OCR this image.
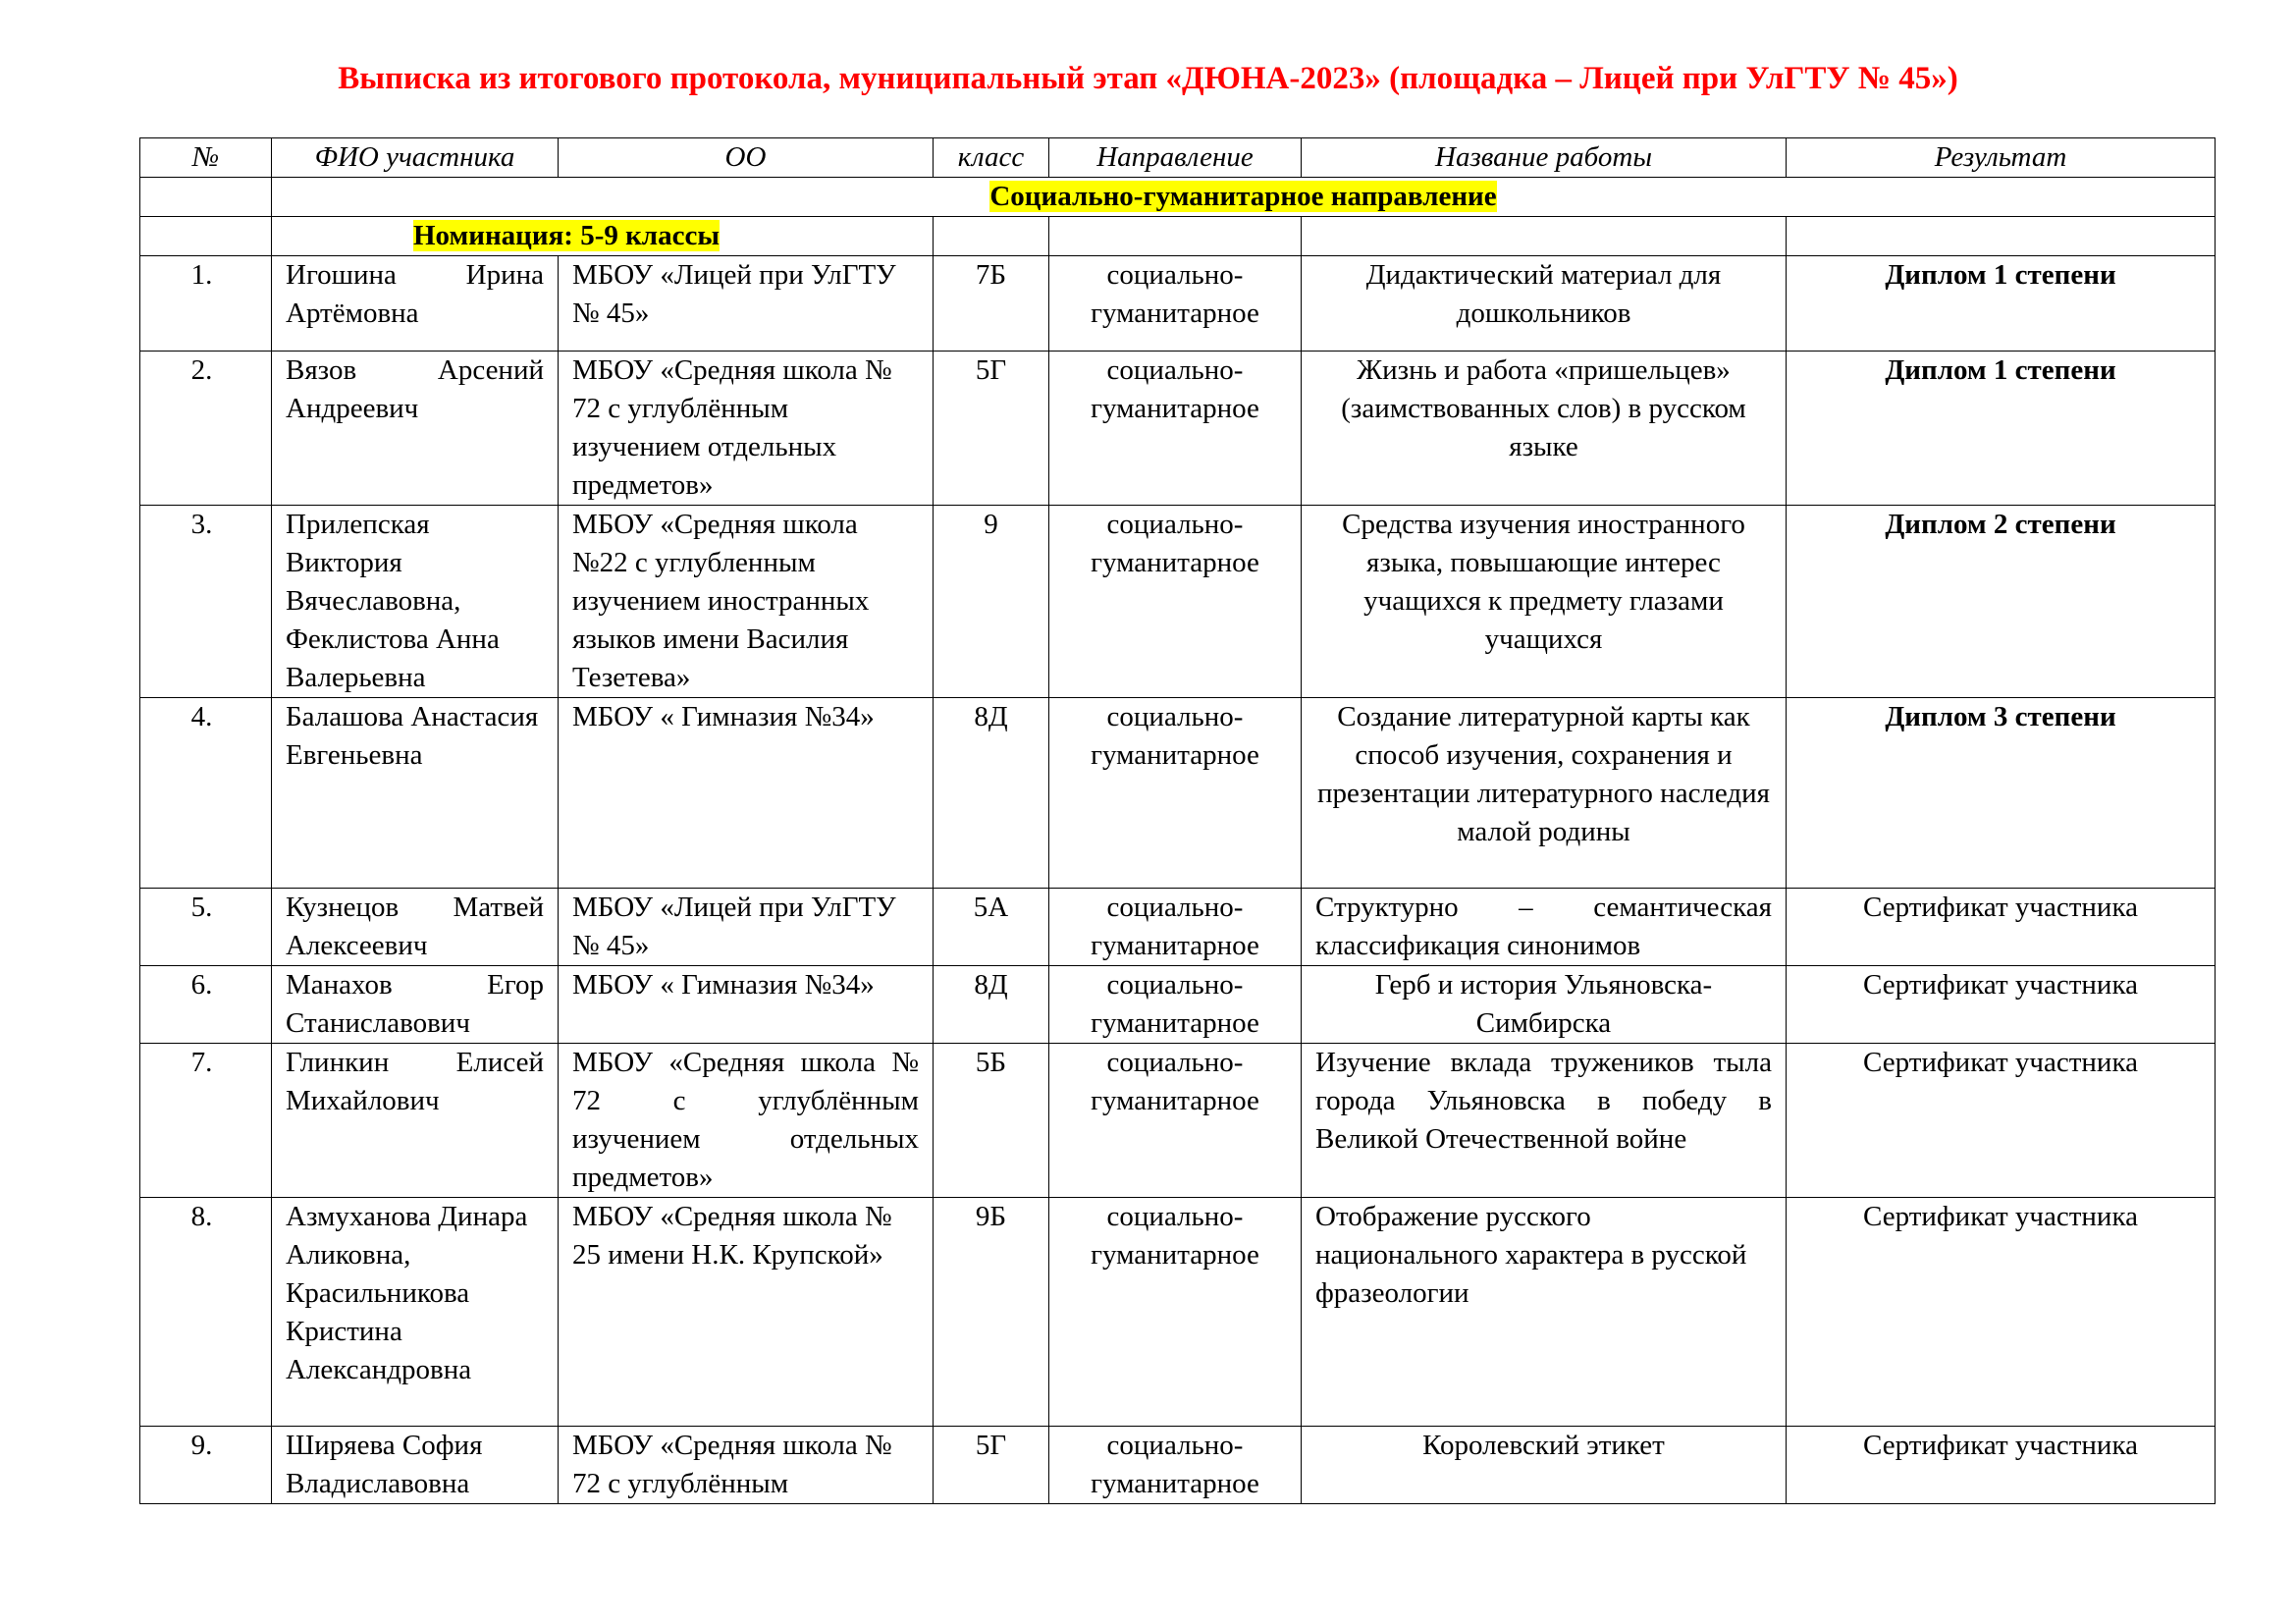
Выписка из итогового протокола, муниципальный этап «ДЮНА-2023» (площадка – Лицей при УлГТУ № 45»)
№	ФИО участника	ОО	класс	Направление	Название работы	Результат
	Социально-гуманитарное направление					
	Номинация: 5-9 классы					
1.	Игошина Ирина Артёмовна	МБОУ «Лицей при УлГТУ № 45»	7Б	социально-гуманитарное	Дидактический материал для дошкольников	Диплом 1 степени
2.	Вязов Арсений Андреевич	МБОУ «Средняя школа № 72 с углублённым изучением отдельных предметов»	5Г	социально-гуманитарное	Жизнь и работа «пришельцев» (заимствованных слов) в русском языке	Диплом 1 степени
3.	Прилепская Виктория Вячеславовна, Феклистова Анна Валерьевна	МБОУ «Средняя школа №22 с углубленным изучением иностранных языков имени Василия Тезетева»	9	социально-гуманитарное	Средства изучения иностранного языка, повышающие интерес учащихся к предмету глазами учащихся	Диплом 2 степени
4.	Балашова Анастасия Евгеньевна	МБОУ « Гимназия №34»	8Д	социально-гуманитарное	Создание литературной карты как способ изучения, сохранения и презентации литературного наследия малой родины	Диплом 3 степени
5.	Кузнецов Матвей Алексеевич	МБОУ «Лицей при УлГТУ № 45»	5А	социально-гуманитарное	Структурно – семантическая классификация синонимов	Сертификат участника
6.	Манахов Егор Станиславович	МБОУ « Гимназия №34»	8Д	социально-гуманитарное	Герб и история Ульяновска-Симбирска	Сертификат участника
7.	Глинкин Елисей Михайлович	МБОУ «Средняя школа № 72 с углублённым изучением отдельных предметов»	5Б	социально-гуманитарное	Изучение вклада тружеников тыла города Ульяновска в победу в Великой Отечественной войне	Сертификат участника
8.	Азмуханова Динара Аликовна, Красильникова Кристина Александровна	МБОУ «Средняя школа № 25 имени Н.К. Крупской»	9Б	социально-гуманитарное	Отображение русского национального характера в русской фразеологии	Сертификат участника
9.	Ширяева София Владиславовна	МБОУ «Средняя школа № 72 с углублённым	5Г	социально-гуманитарное	Королевский этикет	Сертификат участника
